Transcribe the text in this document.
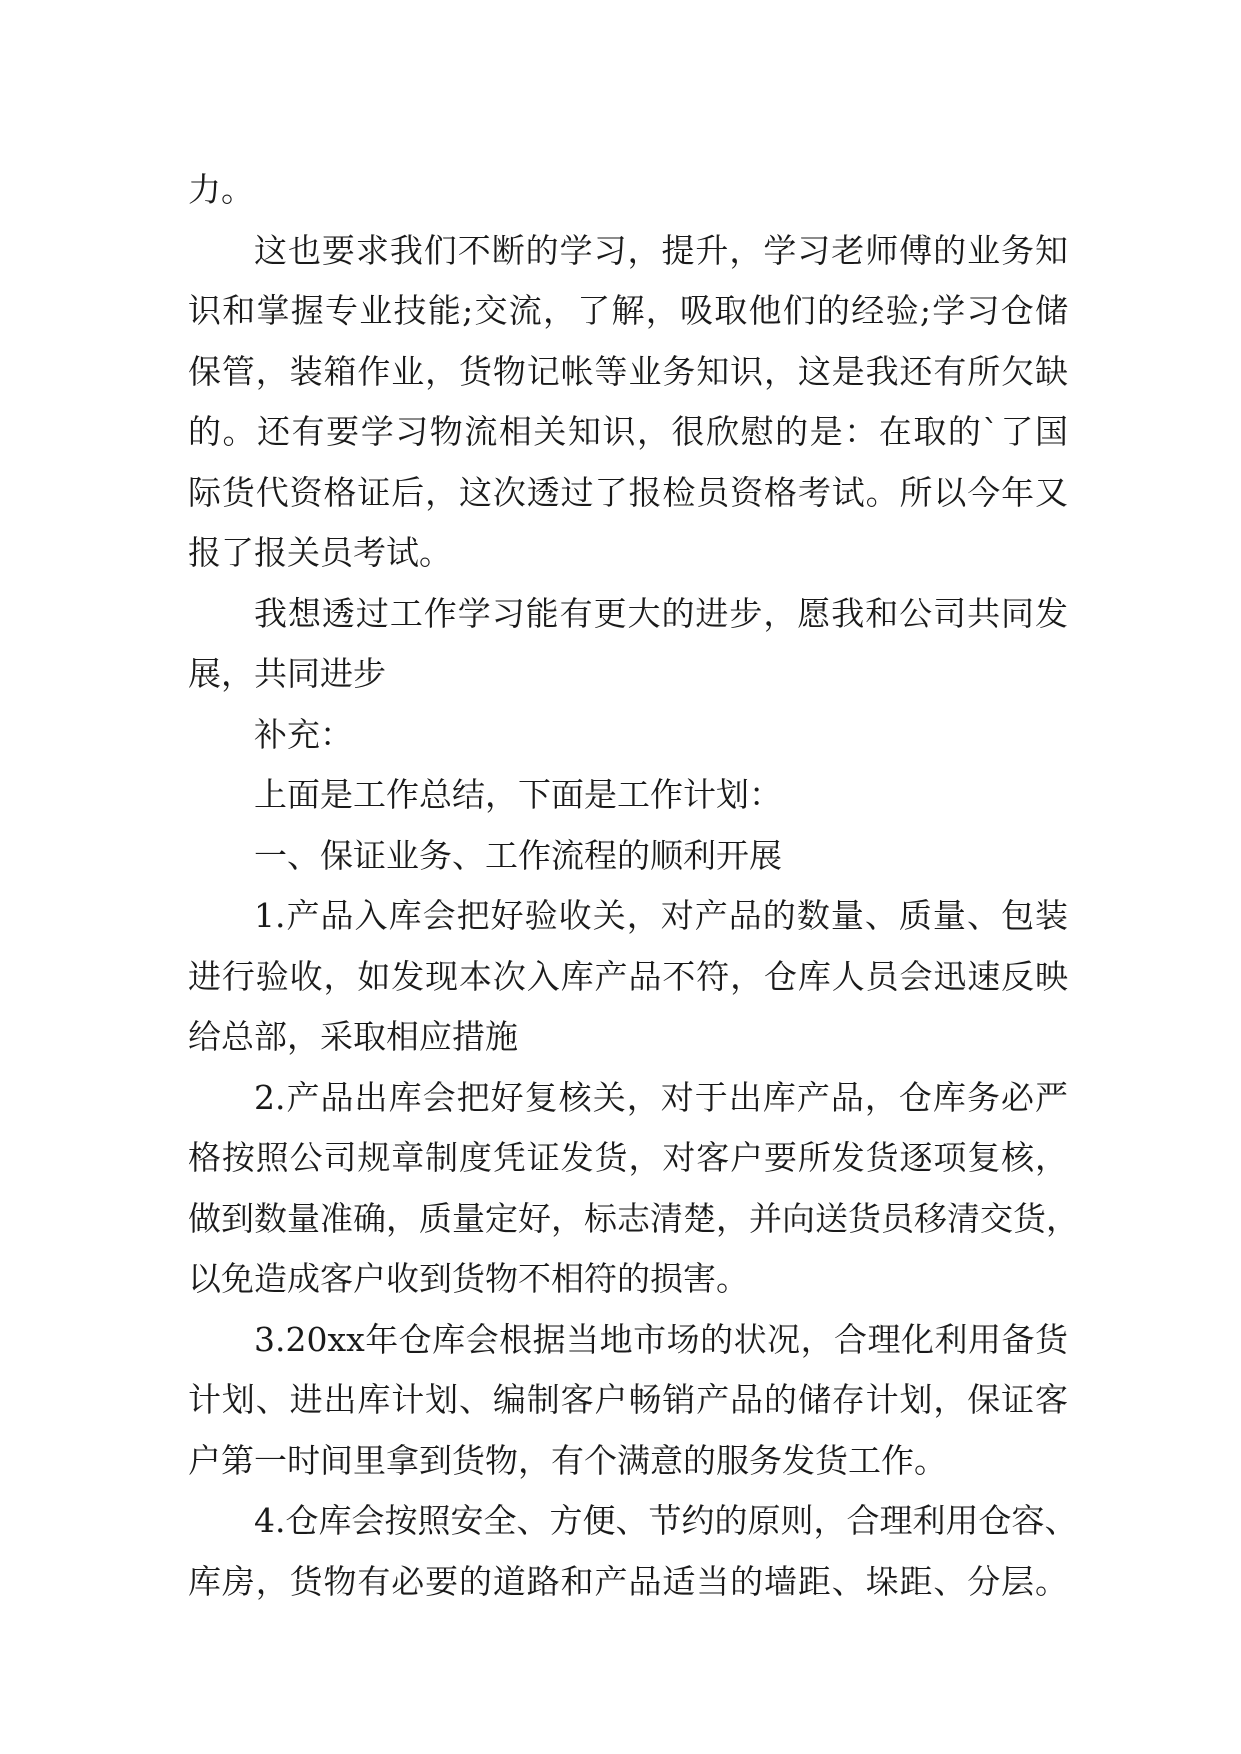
力。
这也要求我们不断的学习，提升，学习老师傅的业务知
识和掌握专业技能;交流，了解，吸取他们的经验;学习仓储
保管，装箱作业，货物记帐等业务知识，这是我还有所欠缺
的。还有要学习物流相关知识，很欣慰的是：在取的`了国
际货代资格证后，这次透过了报检员资格考试。所以今年又
报了报关员考试。
我想透过工作学习能有更大的进步，愿我和公司共同发
展，共同进步
补充：
上面是工作总结，下面是工作计划：
一、保证业务、工作流程的顺利开展
1.产品入库会把好验收关，对产品的数量、质量、包装
进行验收，如发现本次入库产品不符，仓库人员会迅速反映
给总部，采取相应措施
2.产品出库会把好复核关，对于出库产品，仓库务必严
格按照公司规章制度凭证发货，对客户要所发货逐项复核，
做到数量准确，质量定好，标志清楚，并向送货员移清交货，
以免造成客户收到货物不相符的损害。
3.20xx年仓库会根据当地市场的状况，合理化利用备货
计划、进出库计划、编制客户畅销产品的储存计划，保证客
户第一时间里拿到货物，有个满意的服务发货工作。
4.仓库会按照安全、方便、节约的原则，合理利用仓容、
库房，货物有必要的道路和产品适当的墙距、垛距、分层。
